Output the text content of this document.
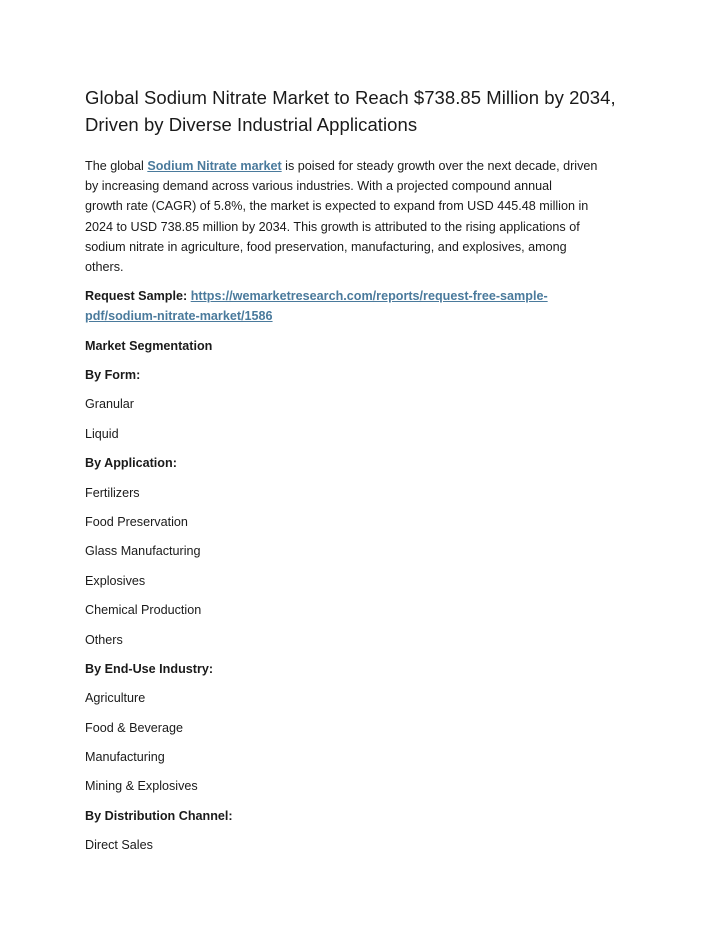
Global Sodium Nitrate Market to Reach $738.85 Million by 2034,
Driven by Diverse Industrial Applications

The global Sodium Nitrate market is poised for steady growth over the next decade, driven
by increasing demand across various industries. With a projected compound annual
growth rate (CAGR) of 5.8%, the market is expected to expand from USD 445.48 million in
2024 to USD 738.85 million by 2034. This growth is attributed to the rising applications of
sodium nitrate in agriculture, food preservation, manufacturing, and explosives, among
others.

Request Sample: https://wemarketresearch.com/reports/request-free-sample-
pdf/sodium-nitrate-market/1586

Market Segmentation
By Form:
Granular
Liquid
By Application:
Fertilizers
Food Preservation
Glass Manufacturing
Explosives
Chemical Production
Others
By End-Use Industry:
Agriculture
Food & Beverage
Manufacturing
Mining & Explosives
By Distribution Channel:
Direct Sales
